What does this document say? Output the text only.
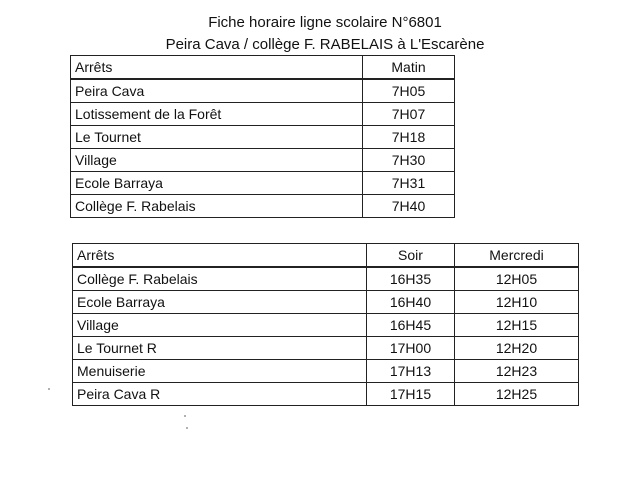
Fiche horaire ligne scolaire N°6801
Peira Cava / collège F. RABELAIS à L'Escarène
Arrêts	Matin
Peira Cava	7H05
Lotissement de la Forêt	7H07
Le Tournet	7H18
Village	7H30
Ecole Barraya	7H31
Collège F. Rabelais	7H40
Arrêts	Soir	Mercredi
Collège F. Rabelais	16H35	12H05
Ecole Barraya	16H40	12H10
Village	16H45	12H15
Le Tournet R	17H00	12H20
Menuiserie	17H13	12H23
Peira Cava R	17H15	12H25
